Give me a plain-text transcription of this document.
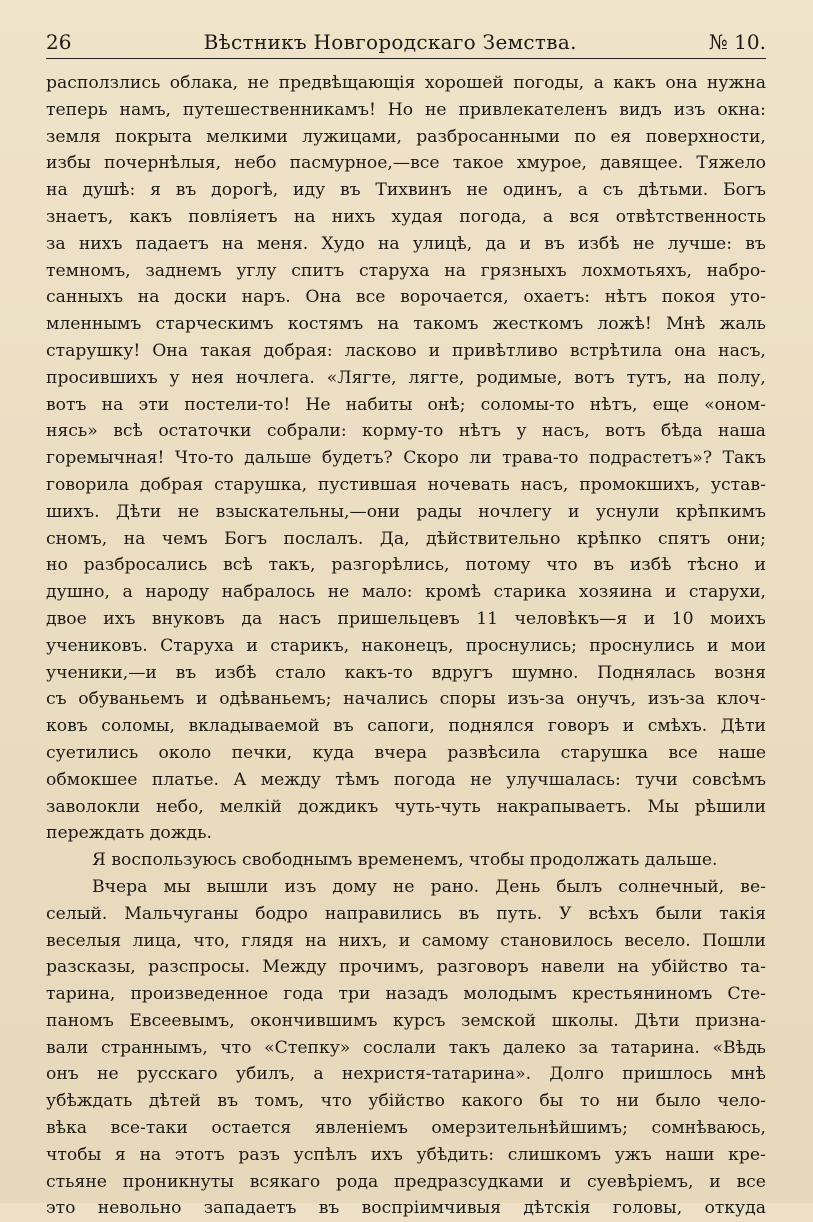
26	Вѣстникъ Новгородскаго Земства.	№ 10.
расползлись облака, не предвѣщающія хорошей погоды, а какъ она нужна
теперь намъ, путешественникамъ! Но не привлекателенъ видъ изъ окна:
земля покрыта мелкими лужицами, разбросанными по ея поверхности,
избы почернѣлыя, небо пасмурное,—все такое хмурое, давящее. Тяжело
на душѣ: я въ дорогѣ, иду въ Тихвинъ не одинъ, а съ дѣтьми. Богъ
знаетъ, какъ повліяетъ на нихъ худая погода, а вся отвѣтственность
за нихъ падаетъ на меня. Худо на улицѣ, да и въ избѣ не лучше: въ
темномъ, заднемъ углу спитъ старуха на грязныхъ лохмотьяхъ, набро-
санныхъ на доски наръ. Она все ворочается, охаетъ: нѣтъ покоя уто-
мленнымъ старческимъ костямъ на такомъ жесткомъ ложѣ! Мнѣ жаль
старушку! Она такая добрая: ласково и привѣтливо встрѣтила она насъ,
просившихъ у нея ночлега. «Лягте, лягте, родимые, вотъ тутъ, на полу,
вотъ на эти постели-то! Не набиты онѣ; соломы-то нѣтъ, еще «оном-
нясь» всѣ остаточки собрали: корму-то нѣтъ у насъ, вотъ бѣда наша
горемычная! Что-то дальше будетъ? Скоро ли трава-то подрастетъ»? Такъ
говорила добрая старушка, пустившая ночевать насъ, промокшихъ, устав-
шихъ. Дѣти не взыскательны,—они рады ночлегу и уснули крѣпкимъ
сномъ, на чемъ Богъ послалъ. Да, дѣйствительно крѣпко спятъ они;
но разбросались всѣ такъ, разгорѣлись, потому что въ избѣ тѣсно и
душно, а народу набралось не мало: кромѣ старика хозяина и старухи,
двое ихъ внуковъ да насъ пришельцевъ 11 человѣкъ—я и 10 моихъ
учениковъ. Старуха и старикъ, наконецъ, проснулись; проснулись и мои
ученики,—и въ избѣ стало какъ-то вдругъ шумно. Поднялась возня
съ обуваньемъ и одѣваньемъ; начались споры изъ-за онучъ, изъ-за клоч-
ковъ соломы, вкладываемой въ сапоги, поднялся говоръ и смѣхъ. Дѣти
суетились около печки, куда вчера развѣсила старушка все наше
обмокшее платье. А между тѣмъ погода не улучшалась: тучи совсѣмъ
заволокли небо, мелкій дождикъ чуть-чуть накрапываетъ. Мы рѣшили
переждать дождь.
Я воспользуюсь свободнымъ временемъ, чтобы продолжать дальше.
Вчера мы вышли изъ дому не рано. День былъ солнечный, ве-
селый. Мальчуганы бодро направились въ путь. У всѣхъ были такія
веселыя лица, что, глядя на нихъ, и самому становилось весело. Пошли
разсказы, разспросы. Между прочимъ, разговоръ навели на убійство та-
тарина, произведенное года три назадъ молодымъ крестьяниномъ Сте-
паномъ Евсеевымъ, окончившимъ курсъ земской школы. Дѣти призна-
вали страннымъ, что «Степку» сослали такъ далеко за татарина. «Вѣдь
онъ не русскаго убилъ, а нехристя-татарина». Долго пришлось мнѣ
убѣждать дѣтей въ томъ, что убійство какого бы то ни было чело-
вѣка все-таки остается явленіемъ омерзительнѣйшимъ; сомнѣваюсь,
чтобы я на этотъ разъ успѣлъ ихъ убѣдить: слишкомъ ужъ наши кре-
стьяне проникнуты всякаго рода предразсудками и суевѣріемъ, и все
это невольно западаетъ въ воспріимчивыя дѣтскія головы, откуда
